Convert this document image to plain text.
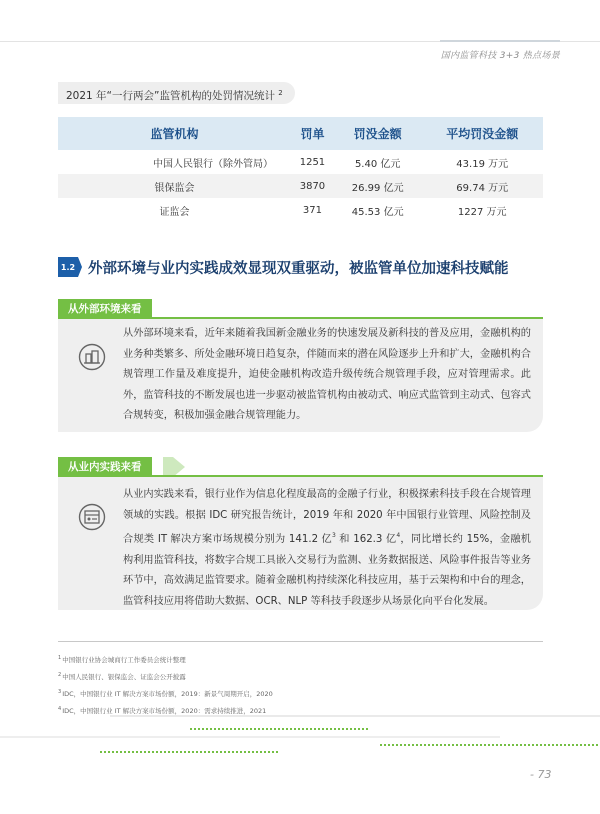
国内监管科技 3+3 热点场景
2021 年“一行两会”监管机构的处罚情况统计 $^2$
监管机构	罚单	罚没金额	平均罚没金额
中国人民银行（除外管局）	1251	5.40 亿元	43.19 万元
银保监会	3870	26.99 亿元	69.74 万元
证监会	371	45.53 亿元	1227 万元
1.2 外部环境与业内实践成效显现双重驱动，被监管单位加速科技赋能
从外部环境来看
从外部环境来看，近年来随着我国新金融业务的快速发展及新科技的普及应用，金融机构的业务种类繁多、所处金融环境日趋复杂，伴随而来的潜在风险逐步上升和扩大，金融机构合规管理工作量及难度提升，迫使金融机构改造升级传统合规管理手段，应对管理需求。此外，监管科技的不断发展也进一步驱动被监管机构由被动式、响应式监管到主动式、包容式合规转变，积极加强金融合规管理能力。
从业内实践来看
从业内实践来看，银行业作为信息化程度最高的金融子行业，积极探索科技手段在合规管理领域的实践。根据 IDC 研究报告统计，2019 年和 2020 年中国银行业管理、风险控制及合规类 IT 解决方案市场规模分别为 141.2 亿$^3$ 和 162.3 亿$^4$，同比增长约 15%，金融机构利用监管科技，将数字合规工具嵌入交易行为监测、业务数据报送、风险事件报告等业务环节中，高效满足监管要求。随着金融机构持续深化科技应用，基于云架构和中台的理念，监管科技应用将借助大数据、OCR、NLP 等科技手段逐步从场景化向平台化发展。
$^1$中国银行业协会城商行工作委员会统计整理
$^2$中国人民银行、银保监会、证监会公开披露
$^3$IDC，中国银行业 IT 解决方案市场份额，2019：新景气周期开启，2020
$^4$IDC，中国银行业 IT 解决方案市场份额，2020：需求持续推进，2021
- 73
